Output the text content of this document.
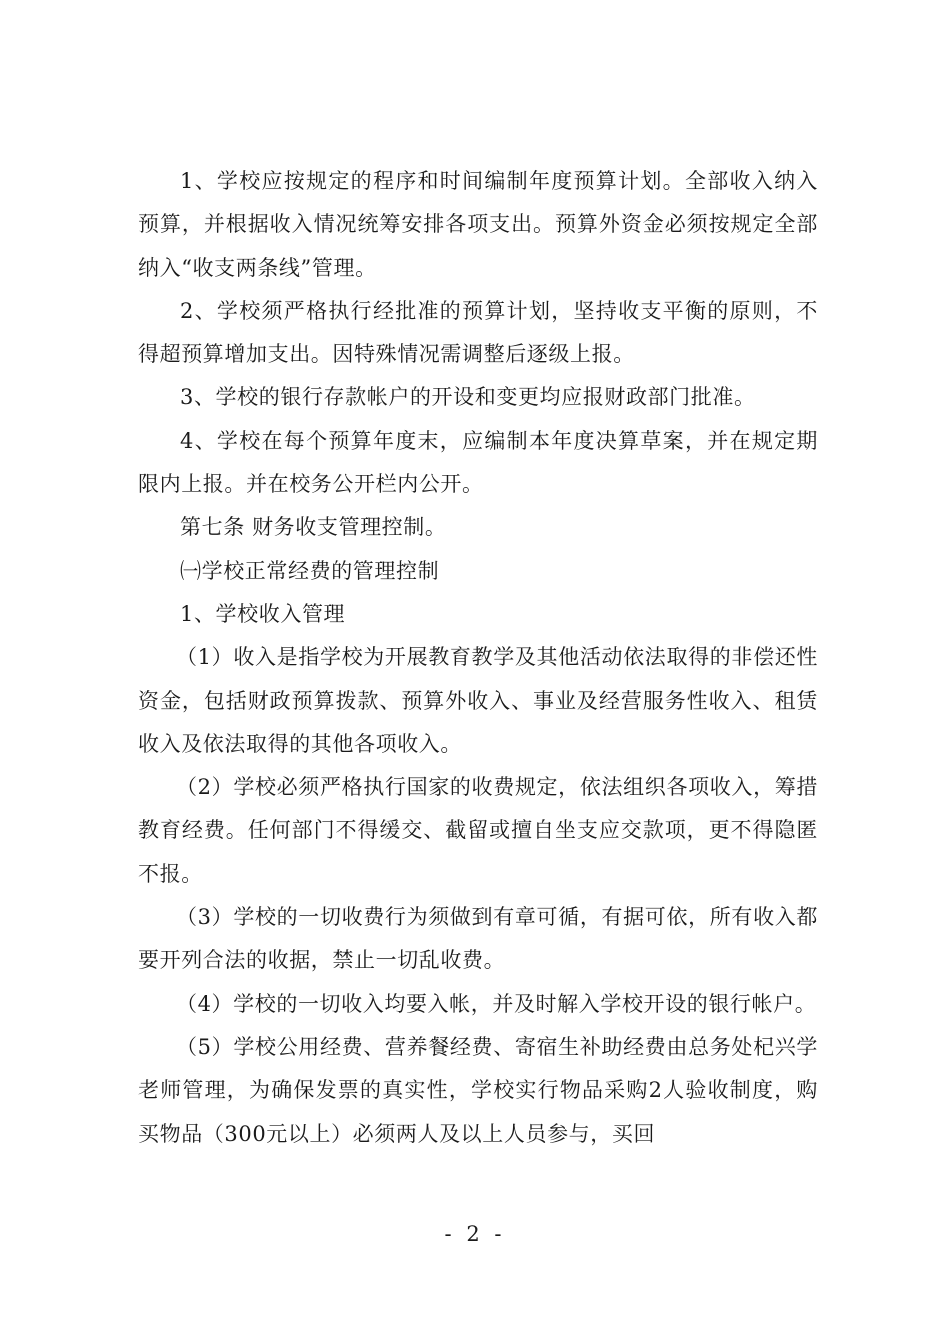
1、学校应按规定的程序和时间编制年度预算计划。全部收入纳入预算，并根据收入情况统筹安排各项支出。预算外资金必须按规定全部纳入“收支两条线”管理。

2、学校须严格执行经批准的预算计划，坚持收支平衡的原则，不得超预算增加支出。因特殊情况需调整后逐级上报。

3、学校的银行存款帐户的开设和变更均应报财政部门批准。

4、学校在每个预算年度末，应编制本年度决算草案，并在规定期限内上报。并在校务公开栏内公开。

第七条 财务收支管理控制。

㈠学校正常经费的管理控制

1、学校收入管理

（1）收入是指学校为开展教育教学及其他活动依法取得的非偿还性资金，包括财政预算拨款、预算外收入、事业及经营服务性收入、租赁收入及依法取得的其他各项收入。

（2）学校必须严格执行国家的收费规定，依法组织各项收入，筹措教育经费。任何部门不得缓交、截留或擅自坐支应交款项，更不得隐匿不报。

（3）学校的一切收费行为须做到有章可循，有据可依，所有收入都要开列合法的收据，禁止一切乱收费。

（4）学校的一切收入均要入帐，并及时解入学校开设的银行帐户。

（5）学校公用经费、营养餐经费、寄宿生补助经费由总务处杞兴学老师管理，为确保发票的真实性，学校实行物品采购2人验收制度，购买物品（300元以上）必须两人及以上人员参与，买回

- 2 -
